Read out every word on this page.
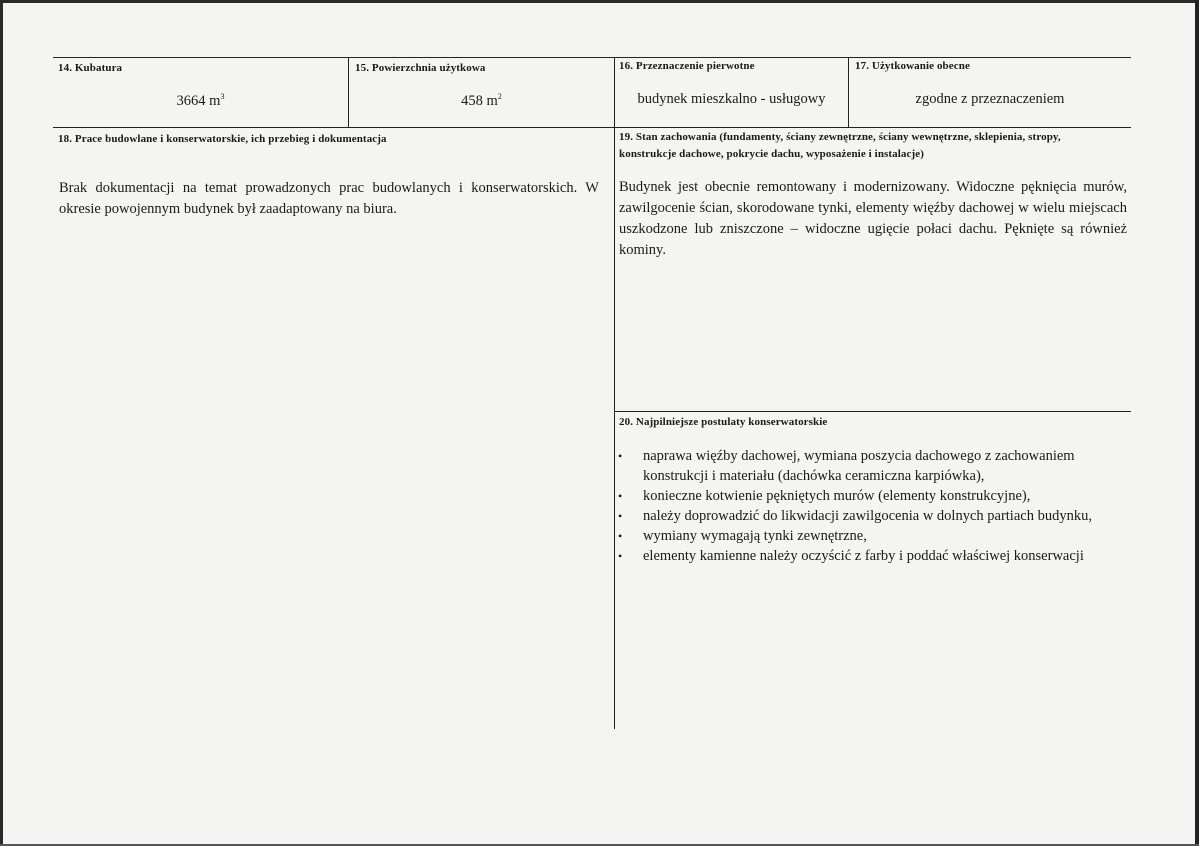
14. Kubatura
3664 $m^3$
15. Powierzchnia użytkowa
458 $m^2$
16. Przeznaczenie pierwotne
budynek mieszkalno - usługowy
17. Użytkowanie obecne
zgodne z przeznaczeniem
18. Prace budowlane i konserwatorskie, ich przebieg i dokumentacja
Brak dokumentacji na temat prowadzonych prac budowlanych i konserwatorskich. W okresie powojennym budynek był zaadaptowany na biura.
19. Stan zachowania (fundamenty, ściany zewnętrzne, ściany wewnętrzne, sklepienia, stropy, konstrukcje dachowe, pokrycie dachu, wyposażenie i instalacje)
Budynek jest obecnie remontowany i modernizowany. Widoczne pęknięcia murów, zawilgocenie ścian, skorodowane tynki, elementy więźby dachowej w wielu miejscach uszkodzone lub zniszczone – widoczne ugięcie połaci dachu. Pęknięte są również kominy.
20. Najpilniejsze postulaty konserwatorskie
• naprawa więźby dachowej, wymiana poszycia dachowego z zachowaniem konstrukcji i materiału (dachówka ceramiczna karpiówka),
• konieczne kotwienie pękniętych murów (elementy konstrukcyjne),
• należy doprowadzić do likwidacji zawilgocenia w dolnych partiach budynku,
• wymiany wymagają tynki zewnętrzne,
• elementy kamienne należy oczyścić z farby i poddać właściwej konserwacji
